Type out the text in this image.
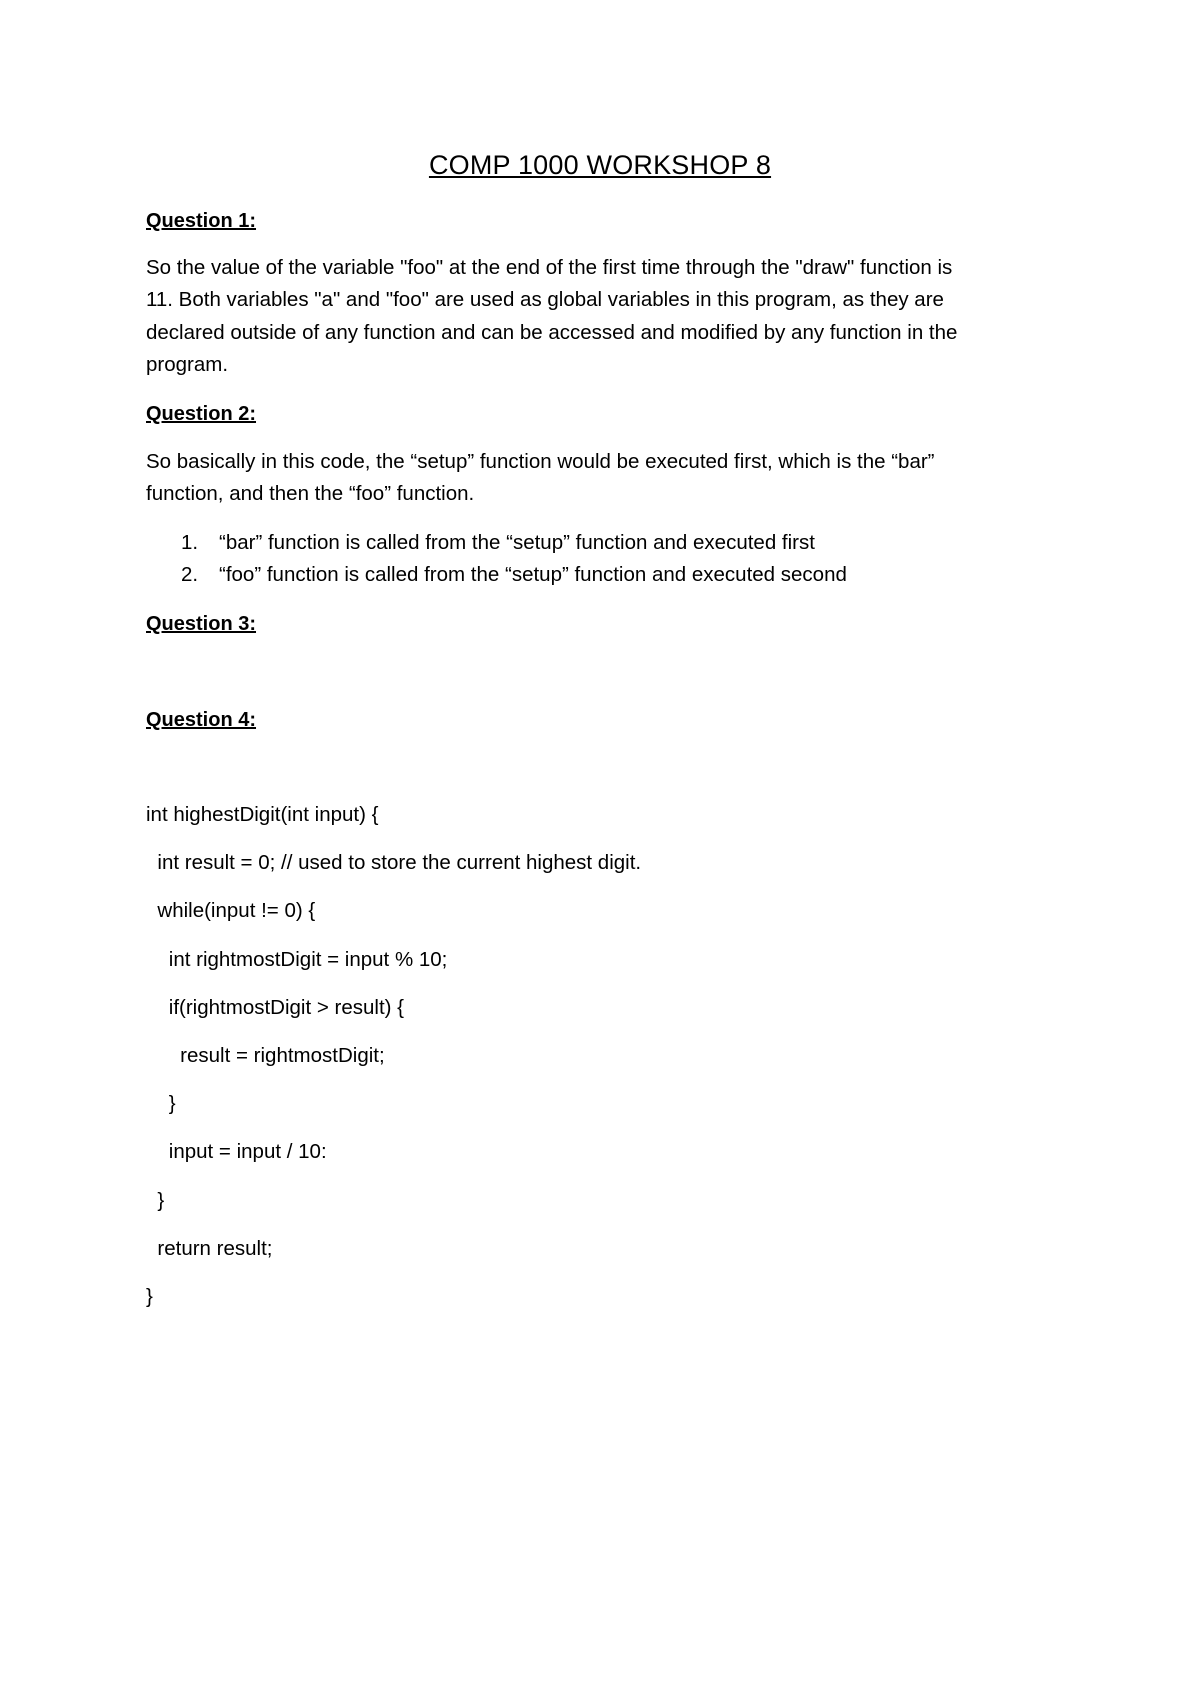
COMP 1000 WORKSHOP 8
Question 1:
So the value of the variable "foo" at the end of the first time through the "draw" function is
11. Both variables "a" and "foo" are used as global variables in this program, as they are
declared outside of any function and can be accessed and modified by any function in the
program.
Question 2:
So basically in this code, the “setup” function would be executed first, which is the “bar”
function, and then the “foo” function.
1. “bar” function is called from the “setup” function and executed first
2. “foo” function is called from the “setup” function and executed second
Question 3:
Question 4:
int highestDigit(int input) {
int result = 0; // used to store the current highest digit.
while(input != 0) {
int rightmostDigit = input % 10;
if(rightmostDigit > result) {
result = rightmostDigit;
}
input = input / 10:
}
return result;
}
